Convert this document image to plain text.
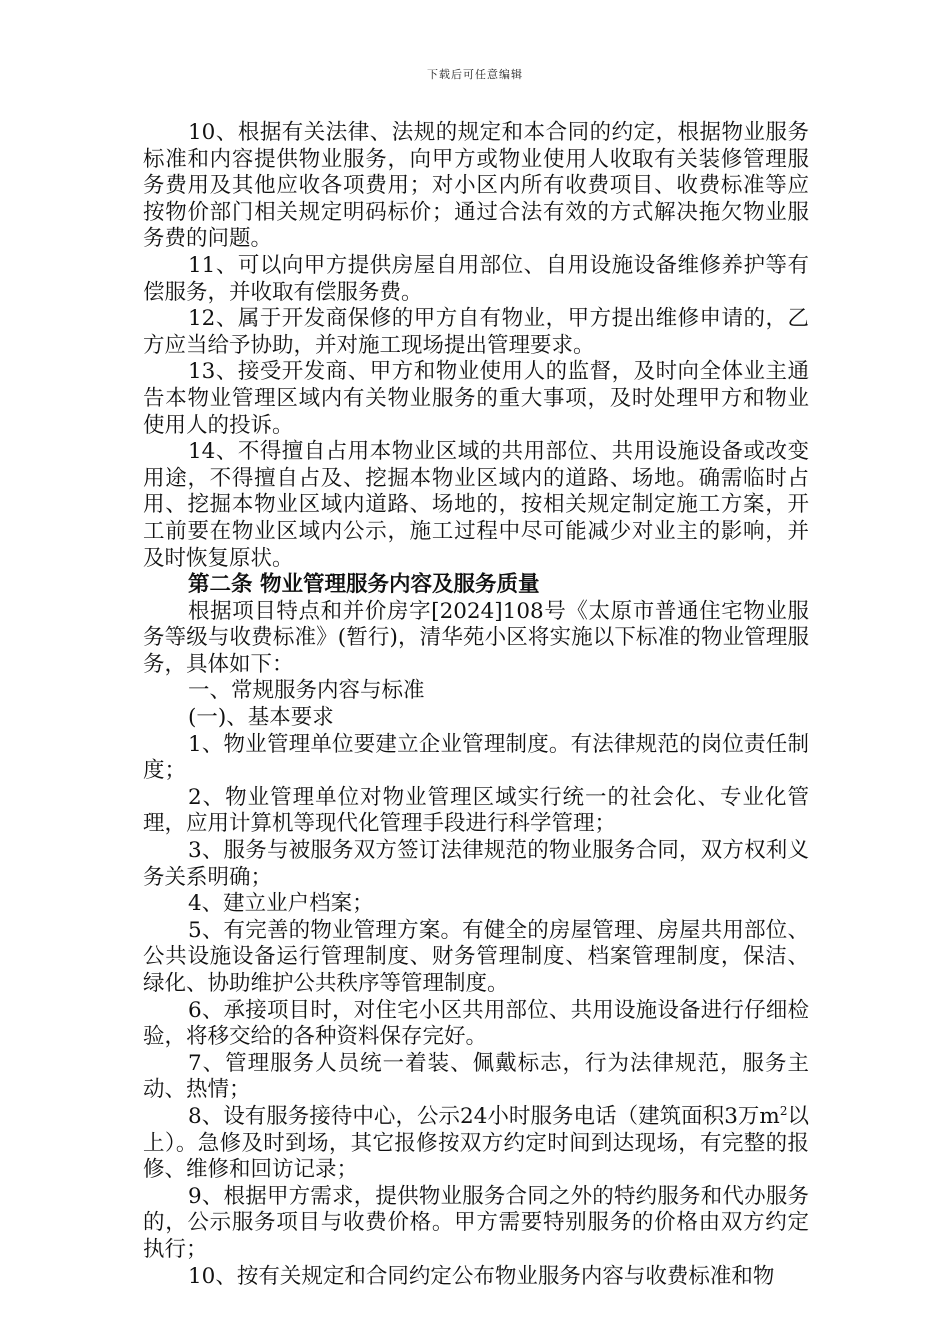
下载后可任意编辑

10、根据有关法律、法规的规定和本合同的约定，根据物业服务标准和内容提供物业服务，向甲方或物业使用人收取有关装修管理服务费用及其他应收各项费用；对小区内所有收费项目、收费标准等应按物价部门相关规定明码标价；通过合法有效的方式解决拖欠物业服务费的问题。

11、可以向甲方提供房屋自用部位、自用设施设备维修养护等有偿服务，并收取有偿服务费。

12、属于开发商保修的甲方自有物业，甲方提出维修申请的，乙方应当给予协助，并对施工现场提出管理要求。

13、接受开发商、甲方和物业使用人的监督，及时向全体业主通告本物业管理区域内有关物业服务的重大事项，及时处理甲方和物业使用人的投诉。

14、不得擅自占用本物业区域的共用部位、共用设施设备或改变用途，不得擅自占及、挖掘本物业区域内的道路、场地。确需临时占用、挖掘本物业区域内道路、场地的，按相关规定制定施工方案，开工前要在物业区域内公示，施工过程中尽可能减少对业主的影响，并及时恢复原状。

第二条 物业管理服务内容及服务质量

根据项目特点和并价房字[2024]108号《太原市普通住宅物业服务等级与收费标准》(暂行)，清华苑小区将实施以下标准的物业管理服务，具体如下：

一、常规服务内容与标准

(一)、基本要求

1、物业管理单位要建立企业管理制度。有法律规范的岗位责任制度；

2、物业管理单位对物业管理区域实行统一的社会化、专业化管理，应用计算机等现代化管理手段进行科学管理；

3、服务与被服务双方签订法律规范的物业服务合同，双方权利义务关系明确；

4、建立业户档案；

5、有完善的物业管理方案。有健全的房屋管理、房屋共用部位、公共设施设备运行管理制度、财务管理制度、档案管理制度，保洁、绿化、协助维护公共秩序等管理制度。

6、承接项目时，对住宅小区共用部位、共用设施设备进行仔细检验，将移交给的各种资料保存完好。

7、管理服务人员统一着装、佩戴标志，行为法律规范，服务主动、热情；

8、设有服务接待中心，公示24小时服务电话（建筑面积3万$m^2$以上）。急修及时到场，其它报修按双方约定时间到达现场，有完整的报修、维修和回访记录；

9、根据甲方需求，提供物业服务合同之外的特约服务和代办服务的，公示服务项目与收费价格。甲方需要特别服务的价格由双方约定执行；

10、按有关规定和合同约定公布物业服务内容与收费标准和物
